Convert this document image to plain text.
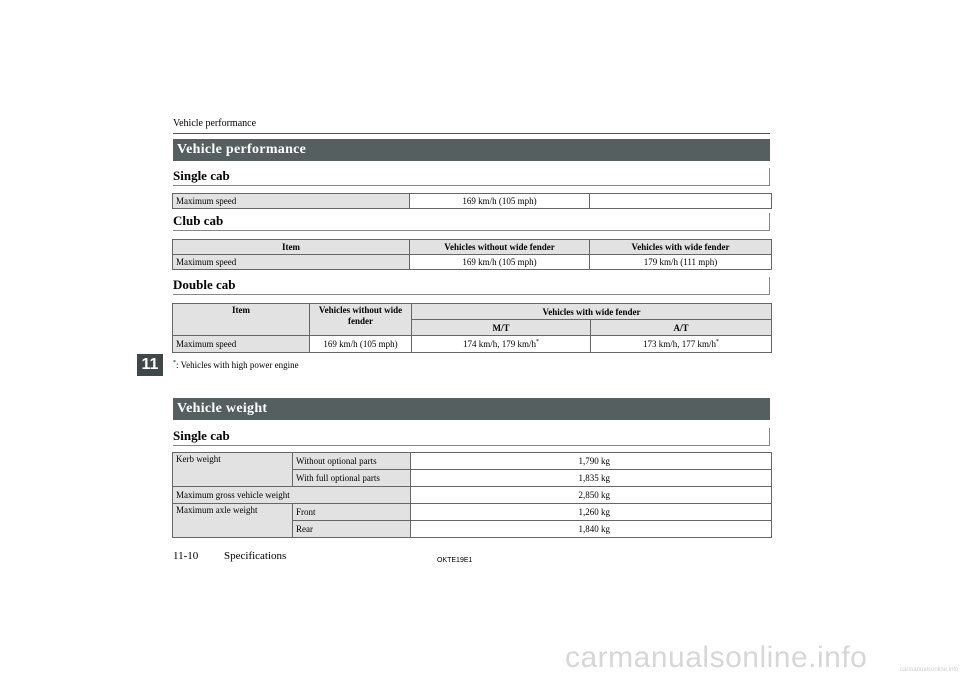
Vehicle performance
Vehicle performance
Single cab
Maximum speed	169 km/h (105 mph)	
Club cab
Item	Vehicles without wide fender	Vehicles with wide fender
Maximum speed	169 km/h (105 mph)	179 km/h (111 mph)
Double cab
Item	Vehicles without wide fender	Vehicles with wide fender	
		M/T	A/T
Maximum speed	169 km/h (105 mph)	174 km/h, 179 km/h*	173 km/h, 177 km/h*
*: Vehicles with high power engine
11
Vehicle weight
Single cab
Kerb weight	Without optional parts	1,790 kg
	With full optional parts	1,835 kg
Maximum gross vehicle weight		2,850 kg
Maximum axle weight	Front	1,260 kg
	Rear	1,840 kg
11-10 Specifications	OKTE19E1
carmanualsonline.info	carmanualsonline.info
